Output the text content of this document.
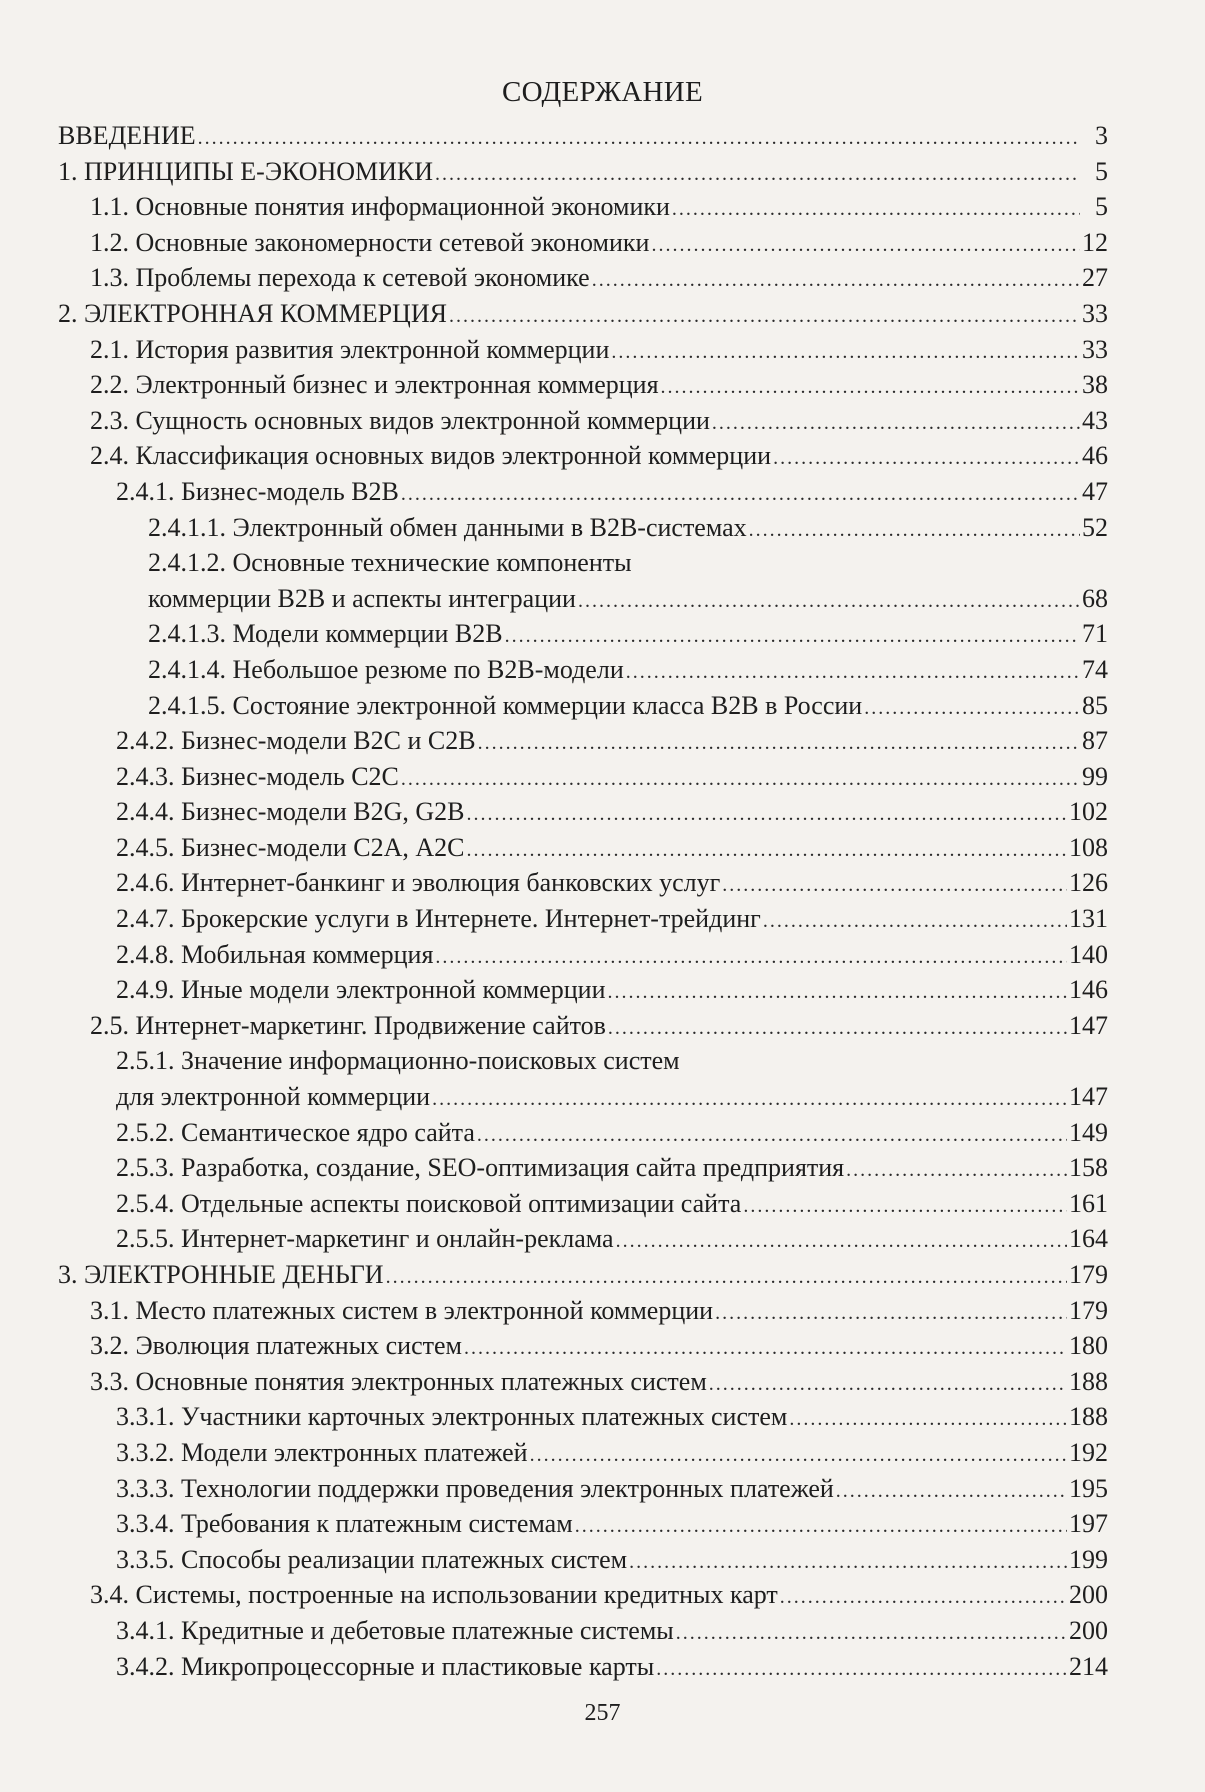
СОДЕРЖАНИЕ
ВВЕДЕНИЕ .....	3
1. ПРИНЦИПЫ Е-ЭКОНОМИКИ .....	5
1.1. Основные понятия информационной экономики .....	5
1.2. Основные закономерности сетевой экономики .....	12
1.3. Проблемы перехода к сетевой экономике .....	27
2. ЭЛЕКТРОННАЯ КОММЕРЦИЯ .....	33
2.1. История развития электронной коммерции .....	33
2.2. Электронный бизнес и электронная коммерция .....	38
2.3. Сущность основных видов электронной коммерции .....	43
2.4. Классификация основных видов электронной коммерции .....	46
2.4.1. Бизнес-модель В2В .....	47
2.4.1.1. Электронный обмен данными в В2В-системах .....	52
2.4.1.2. Основные технические компоненты
коммерции В2В и аспекты интеграции .....	68
2.4.1.3. Модели коммерции В2В .....	71
2.4.1.4. Небольшое резюме по В2В-модели .....	74
2.4.1.5. Состояние электронной коммерции класса В2В в России .....	85
2.4.2. Бизнес-модели В2С и С2В .....	87
2.4.3. Бизнес-модель С2С .....	99
2.4.4. Бизнес-модели B2G, G2B .....	102
2.4.5. Бизнес-модели С2А, А2С .....	108
2.4.6. Интернет-банкинг и эволюция банковских услуг .....	126
2.4.7. Брокерские услуги в Интернете. Интернет-трейдинг .....	131
2.4.8. Мобильная коммерция .....	140
2.4.9. Иные модели электронной коммерции .....	146
2.5. Интернет-маркетинг. Продвижение сайтов .....	147
2.5.1. Значение информационно-поисковых систем
для электронной коммерции .....	147
2.5.2. Семантическое ядро сайта .....	149
2.5.3. Разработка, создание, SEO-оптимизация сайта предприятия .....	158
2.5.4. Отдельные аспекты поисковой оптимизации сайта .....	161
2.5.5. Интернет-маркетинг и онлайн-реклама .....	164
3. ЭЛЕКТРОННЫЕ ДЕНЬГИ .....	179
3.1. Место платежных систем в электронной коммерции .....	179
3.2. Эволюция платежных систем .....	180
3.3. Основные понятия электронных платежных систем .....	188
3.3.1. Участники карточных электронных платежных систем .....	188
3.3.2. Модели электронных платежей .....	192
3.3.3. Технологии поддержки проведения электронных платежей .....	195
3.3.4. Требования к платежным системам .....	197
3.3.5. Способы реализации платежных систем .....	199
3.4. Системы, построенные на использовании кредитных карт .....	200
3.4.1. Кредитные и дебетовые платежные системы .....	200
3.4.2. Микропроцессорные и пластиковые карты .....	214
257
